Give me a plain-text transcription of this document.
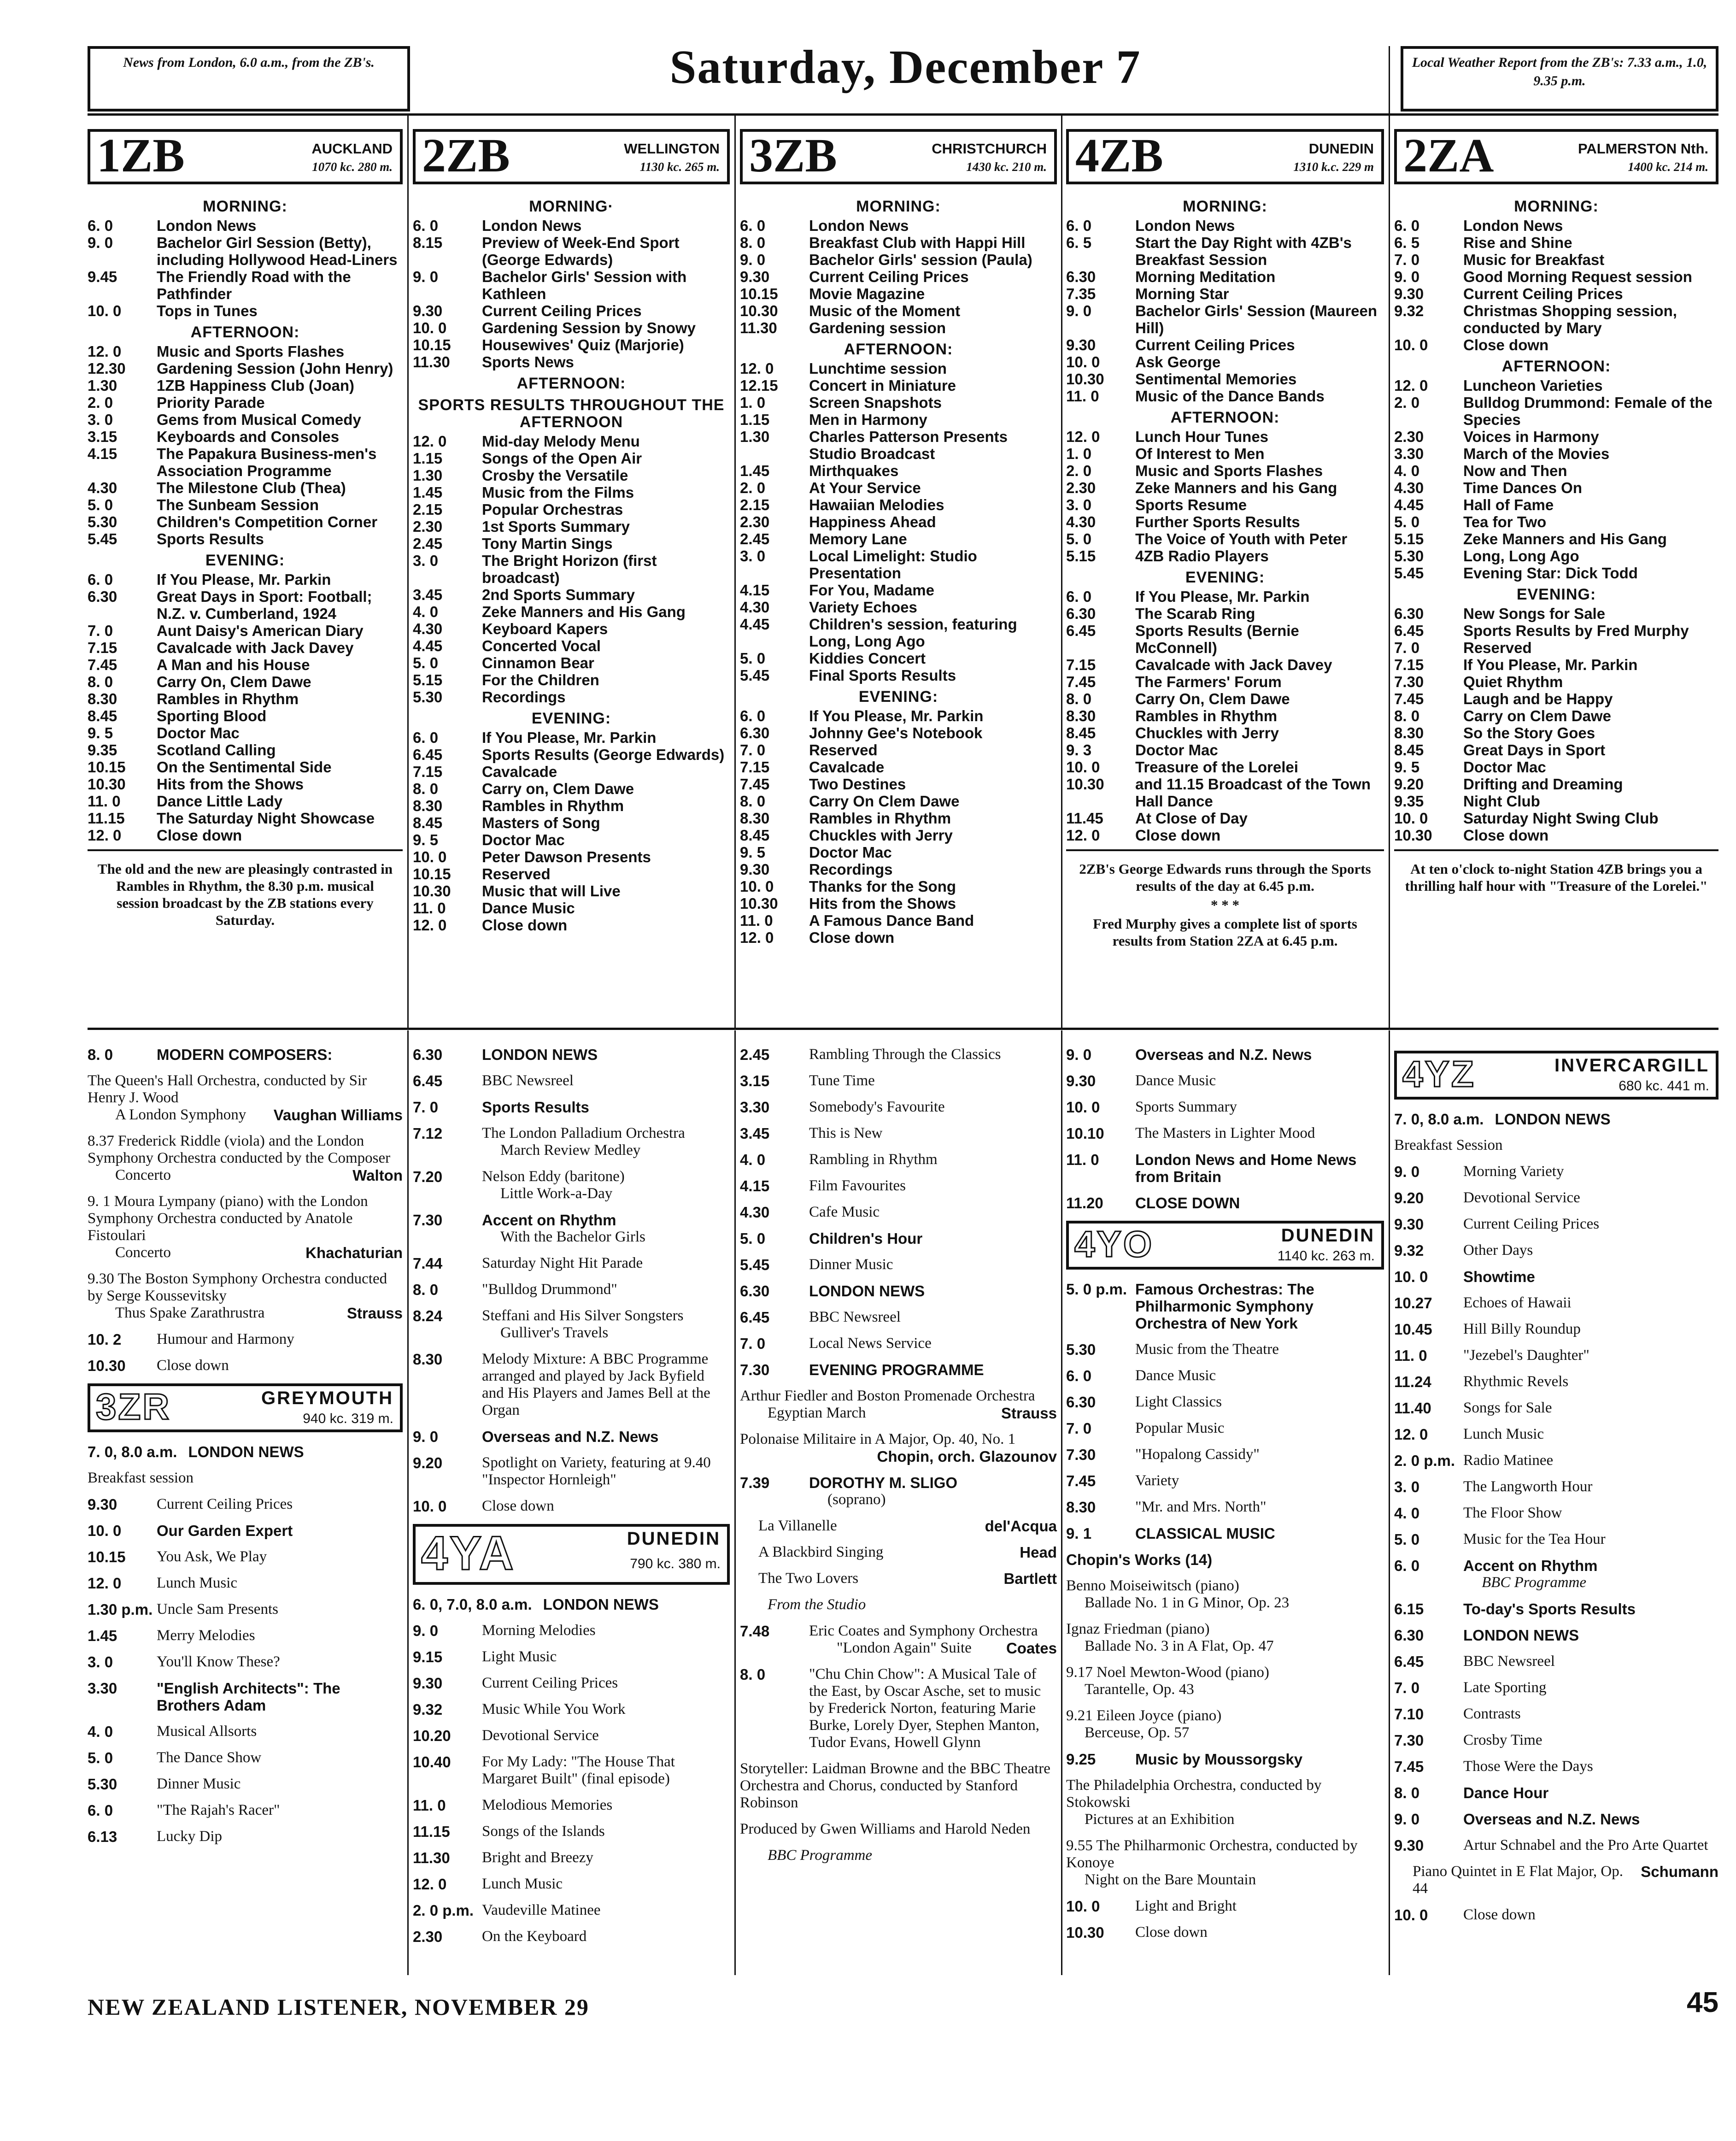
News from London, 6.0 a.m., from the ZB's.	Saturday, December 7	Local Weather Report from the ZB's: 7.33 a.m., 1.0, 9.35 p.m.
1ZB	AUCKLAND
1070 kc. 280 m.
MORNING:
6. 0	London News
9. 0	Bachelor Girl Session (Betty), including Hollywood Head-Liners
9.45	The Friendly Road with the Pathfinder
10. 0 Tops in Tunes
AFTERNOON:
12. 0 Music and Sports Flashes
12.30 Gardening Session (John Henry)
1.30	1ZB Happiness Club (Joan)
2. 0	Priority Parade
3. 0	Gems from Musical Comedy
3.15	Keyboards and Consoles
4.15	The Papakura Business-men's Association Programme
4.30	The Milestone Club (Thea)
5. 0	The Sunbeam Session
5.30	Children's Competition Corner
5.45	Sports Results
EVENING:
6. 0	If You Please, Mr. Parkin
6.30	Great Days in Sport: Football; N.Z. v. Cumberland, 1924
7. 0	Aunt Daisy's American Diary
7.15	Cavalcade with Jack Davey
7.45	A Man and his House
8. 0	Carry On, Clem Dawe
8.30	Rambles in Rhythm
8.45	Sporting Blood
9. 5	Doctor Mac
9.35	Scotland Calling
10.15 On the Sentimental Side
10.30 Hits from the Shows
11. 0 Dance Little Lady
11.15 The Saturday Night Showcase
12. 0 Close down
The old and the new are pleasingly contrasted in Rambles in Rhythm, the 8.30 p.m. musical session broadcast by the ZB stations every Saturday.
2ZB	WELLINGTON
1130 kc. 265 m.
MORNING·
6. 0	London News
8.15	Preview of Week-End Sport (George Edwards)
9. 0	Bachelor Girls' Session with Kathleen
9.30	Current Ceiling Prices
10. 0 Gardening Session by Snowy
10.15 Housewives' Quiz (Marjorie)
11.30 Sports News
AFTERNOON:
SPORTS RESULTS THROUGHOUT THE AFTERNOON
12. 0 Mid-day Melody Menu
1.15	Songs of the Open Air
1.30	Crosby the Versatile
1.45	Music from the Films
2.15	Popular Orchestras
2.30	1st Sports Summary
2.45	Tony Martin Sings
3. 0	The Bright Horizon (first broadcast)
3.45	2nd Sports Summary
4. 0	Zeke Manners and His Gang
4.30	Keyboard Kapers
4.45	Concerted Vocal
5. 0	Cinnamon Bear
5.15	For the Children
5.30	Recordings
EVENING:
6. 0	If You Please, Mr. Parkin
6.45	Sports Results (George Edwards)
7.15	Cavalcade
8. 0	Carry on, Clem Dawe
8.30	Rambles in Rhythm
8.45	Masters of Song
9. 5	Doctor Mac
10. 0 Peter Dawson Presents
10.15 Reserved
10.30 Music that will Live
11. 0 Dance Music
12. 0 Close down
3ZB	CHRISTCHURCH
1430 kc. 210 m.
MORNING:
6. 0	London News
8. 0	Breakfast Club with Happi Hill
9. 0	Bachelor Girls' session (Paula)
9.30	Current Ceiling Prices
10.15 Movie Magazine
10.30 Music of the Moment
11.30 Gardening session
AFTERNOON:
12. 0 Lunchtime session
12.15 Concert in Miniature
1. 0	Screen Snapshots
1.15	Men in Harmony
1.30	Charles Patterson Presents Studio Broadcast
1.45	Mirthquakes
2. 0	At Your Service
2.15	Hawaiian Melodies
2.30	Happiness Ahead
2.45	Memory Lane
3. 0	Local Limelight: Studio Presentation
4.15	For You, Madame
4.30	Variety Echoes
4.45	Children's session, featuring Long, Long Ago
5. 0	Kiddies Concert
5.45	Final Sports Results
EVENING:
6. 0	If You Please, Mr. Parkin
6.30	Johnny Gee's Notebook
7. 0	Reserved
7.15	Cavalcade
7.45	Two Destines
8. 0	Carry On Clem Dawe
8.30	Rambles in Rhythm
8.45	Chuckles with Jerry
9. 5	Doctor Mac
9.30	Recordings
10. 0 Thanks for the Song
10.30 Hits from the Shows
11. 0 A Famous Dance Band
12. 0 Close down
4ZB	DUNEDIN
1310 k.c. 229 m
MORNING:
6. 0	London News
6. 5	Start the Day Right with 4ZB's Breakfast Session
6.30	Morning Meditation
7.35	Morning Star
9. 0	Bachelor Girls' Session (Maureen Hill)
9.30	Current Ceiling Prices
10. 0 Ask George
10.30 Sentimental Memories
11. 0 Music of the Dance Bands
AFTERNOON:
12. 0 Lunch Hour Tunes
1. 0	Of Interest to Men
2. 0	Music and Sports Flashes
2.30	Zeke Manners and his Gang
3. 0	Sports Resume
4.30	Further Sports Results
5. 0	The Voice of Youth with Peter
5.15	4ZB Radio Players
EVENING:
6. 0	If You Please, Mr. Parkin
6.30	The Scarab Ring
6.45	Sports Results (Bernie McConnell)
7.15	Cavalcade with Jack Davey
7.45	The Farmers' Forum
8. 0	Carry On, Clem Dawe
8.30	Rambles in Rhythm
8.45	Chuckles with Jerry
9. 3	Doctor Mac
10. 0 Treasure of the Lorelei
10.30 and 11.15 Broadcast of the Town Hall Dance
11.45 At Close of Day
12. 0 Close down
2ZB's George Edwards runs through the Sports results of the day at 6.45 p.m.
* * *
Fred Murphy gives a complete list of sports results from Station 2ZA at 6.45 p.m.
2ZA	PALMERSTON Nth.
1400 kc. 214 m.
MORNING:
6. 0	London News
6. 5	Rise and Shine
7. 0	Music for Breakfast
9. 0	Good Morning Request session
9.30	Current Ceiling Prices
9.32	Christmas Shopping session, conducted by Mary
10. 0 Close down
AFTERNOON:
12. 0 Luncheon Varieties
2. 0	Bulldog Drummond: Female of the Species
2.30	Voices in Harmony
3.30	March of the Movies
4. 0	Now and Then
4.30	Time Dances On
4.45	Hall of Fame
5. 0	Tea for Two
5.15	Zeke Manners and His Gang
5.30	Long, Long Ago
5.45	Evening Star: Dick Todd
EVENING:
6.30	New Songs for Sale
6.45	Sports Results by Fred Murphy
7. 0	Reserved
7.15	If You Please, Mr. Parkin
7.30	Quiet Rhythm
7.45	Laugh and be Happy
8. 0	Carry on Clem Dawe
8.30	So the Story Goes
8.45	Great Days in Sport
9. 5	Doctor Mac
9.20	Drifting and Dreaming
9.35	Night Club
10. 0 Saturday Night Swing Club
10.30 Close down
At ten o'clock to-night Station 4ZB brings you a thrilling half hour with "Treasure of the Lorelei."
8. 0	MODERN COMPOSERS:
The Queen's Hall Orchestra, conducted by Sir Henry J. Wood
A London Symphony Vaughan Williams
8.37 Frederick Riddle (viola) and the London Symphony Orchestra conducted by the Composer
Concerto	Walton
9. 1 Moura Lympany (piano) with the London Symphony Orchestra conducted by Anatole Fistoulari
Concerto	Khachaturian
9.30 The Boston Symphony Orchestra conducted by Serge Koussevitsky
Thus Spake Zarathrustra	Strauss
10. 2	Humour and Harmony
10.30	Close down
3ZR	GREYMOUTH
940 kc. 319 m.
7. 0, 8.0 a.m. LONDON NEWS
Breakfast session
9.30	Current Ceiling Prices
10. 0	Our Garden Expert
10.15	You Ask, We Play
12. 0	Lunch Music
1.30 p.m. Uncle Sam Presents
1.45	Merry Melodies
3. 0	You'll Know These?
3.30	"English Architects": The Brothers Adam
4. 0	Musical Allsorts
5. 0	The Dance Show
5.30	Dinner Music
6. 0	"The Rajah's Racer"
6.13	Lucky Dip
6.30	LONDON NEWS
6.45	BBC Newsreel
7. 0	Sports Results
7.12	The London Palladium Orchestra
March Review Medley
7.20	Nelson Eddy (baritone)
Little Work-a-Day
7.30	Accent on Rhythm
With the Bachelor Girls
7.44	Saturday Night Hit Parade
8. 0	"Bulldog Drummond"
8.24	Steffani and His Silver Songsters
Gulliver's Travels
8.30	Melody Mixture: A BBC Programme arranged and played by Jack Byfield and His Players and James Bell at the Organ
9. 0	Overseas and N.Z. News
9.20	Spotlight on Variety, featuring at 9.40 "Inspector Hornleigh"
10. 0	Close down
4YA	DUNEDIN
790 kc. 380 m.
6. 0, 7.0, 8.0 a.m. LONDON NEWS
9. 0	Morning Melodies
9.15	Light Music
9.30	Current Ceiling Prices
9.32	Music While You Work
10.20	Devotional Service
10.40	For My Lady: "The House That Margaret Built" (final episode)
11. 0	Melodious Memories
11.15	Songs of the Islands
11.30	Bright and Breezy
12. 0	Lunch Music
2. 0 p.m. Vaudeville Matinee
2.30	On the Keyboard
2.45	Rambling Through the Classics
3.15	Tune Time
3.30	Somebody's Favourite
3.45	This is New
4. 0	Rambling in Rhythm
4.15	Film Favourites
4.30	Cafe Music
5. 0	Children's Hour
5.45	Dinner Music
6.30	LONDON NEWS
6.45	BBC Newsreel
7. 0	Local News Service
7.30	EVENING PROGRAMME
Arthur Fiedler and Boston Promenade Orchestra
Egyptian March	Strauss
Polonaise Militaire in A Major, Op. 40, No. 1
Chopin, orch. Glazounov
7.39	DOROTHY M. SLIGO
(soprano)
La Villanelle	del'Acqua
A Blackbird Singing	Head
The Two Lovers	Bartlett
From the Studio
7.48	Eric Coates and Symphony Orchestra
"London Again" Suite Coates
8. 0	"Chu Chin Chow": A Musical Tale of the East, by Oscar Asche, set to music by Frederick Norton, featuring Marie Burke, Lorely Dyer, Stephen Manton, Tudor Evans, Howell Glynn
Storyteller: Laidman Browne and the BBC Theatre Orchestra and Chorus, conducted by Stanford Robinson
Produced by Gwen Williams and Harold Neden
BBC Programme
9. 0	Overseas and N.Z. News
9.30	Dance Music
10. 0	Sports Summary
10.10	The Masters in Lighter Mood
11. 0	London News and Home News from Britain
11.20	CLOSE DOWN
4YO	DUNEDIN
1140 kc. 263 m.
5. 0 p.m. Famous Orchestras: The Philharmonic Symphony Orchestra of New York
5.30	Music from the Theatre
6. 0	Dance Music
6.30	Light Classics
7. 0	Popular Music
7.30	"Hopalong Cassidy"
7.45	Variety
8.30	"Mr. and Mrs. North"
9. 1	CLASSICAL MUSIC
Chopin's Works (14)
Benno Moiseiwitsch (piano)
Ballade No. 1 in G Minor, Op. 23
Ignaz Friedman (piano)
Ballade No. 3 in A Flat, Op. 47
9.17 Noel Mewton-Wood (piano)
Tarantelle, Op. 43
9.21 Eileen Joyce (piano)
Berceuse, Op. 57
9.25	Music by Moussorgsky
The Philadelphia Orchestra, conducted by Stokowski
Pictures at an Exhibition
9.55 The Philharmonic Orchestra, conducted by Konoye
Night on the Bare Mountain
10. 0	Light and Bright
10.30	Close down
4YZ	INVERCARGILL
680 kc. 441 m.
7. 0, 8.0 a.m. LONDON NEWS
Breakfast Session
9. 0	Morning Variety
9.20	Devotional Service
9.30	Current Ceiling Prices
9.32	Other Days
10. 0	Showtime
10.27	Echoes of Hawaii
10.45	Hill Billy Roundup
11. 0	"Jezebel's Daughter"
11.24	Rhythmic Revels
11.40	Songs for Sale
12. 0	Lunch Music
2. 0 p.m. Radio Matinee
3. 0	The Langworth Hour
4. 0	The Floor Show
5. 0	Music for the Tea Hour
6. 0	Accent on Rhythm
BBC Programme
6.15	To-day's Sports Results
6.30	LONDON NEWS
6.45	BBC Newsreel
7. 0	Late Sporting
7.10	Contrasts
7.30	Crosby Time
7.45	Those Were the Days
8. 0	Dance Hour
9. 0	Overseas and N.Z. News
9.30	Artur Schnabel and the Pro Arte Quartet
Piano Quintet in E Flat Major, Op. 44
Schumann
10. 0	Close down
NEW ZEALAND LISTENER, NOVEMBER 29	45
